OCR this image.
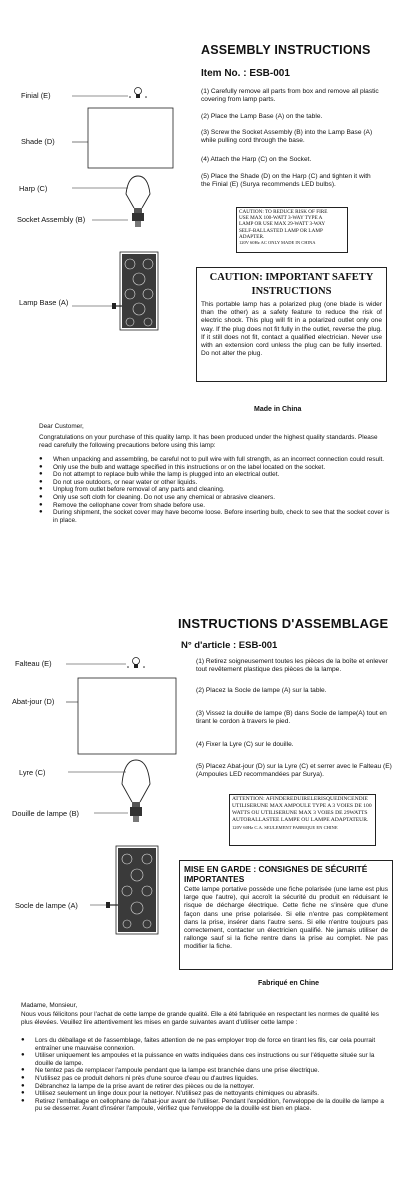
ASSEMBLY INSTRUCTIONS
Item No. : ESB-001
Finial (E)
Shade (D)
Harp (C)
Socket Assembly (B)
Lamp Base (A)
(1) Carefully remove all parts from box and remove all plastic covering from lamp parts.
(2) Place the Lamp Base (A) on the table.
(3) Screw the Socket Assembly (B) into the Lamp Base (A) while pulling cord through the base.
(4) Attach the Harp (C) on the Socket.
(5) Place the Shade (D) on the Harp (C) and tighten it with the Finial (E) (Surya recommends LED bulbs).
CAUTION: TO REDUCE RISK OF FIRE
USE MAX 100-WATT 3-WAY TYPE A
LAMP OR USE MAX 29-WATT 3-WAY
SELF-BALLASTED LAMP OR LAMP ADAPTER.
120V 60Hz AC ONLY MADE IN CHINA
CAUTION: IMPORTANT SAFETY INSTRUCTIONS
This portable lamp has a polarized plug (one blade is wider than the other) as a safety feature to reduce the risk of electric shock. This plug will fit in a polarized outlet only one way. If the plug does not fit fully in the outlet, reverse the plug. If it still does not fit, contact a qualified electrician. Never use with an extension cord unless the plug can be fully inserted. Do not alter the plug.
Made in China
Dear Customer,
Congratulations on your purchase of this quality lamp. It has been produced under the highest quality standards. Please read carefully the following precautions before using this lamp:
● When unpacking and assembling, be careful not to pull wire with full strength, as an incorrect connection could result.
● Only use the bulb and wattage specified in this instructions or on the label located on the socket.
● Do not attempt to replace bulb while the lamp is plugged into an electrical outlet.
● Do not use outdoors, or near water or other liquids.
● Unplug from outlet before removal of any parts and cleaning.
● Only use soft cloth for cleaning. Do not use any chemical or abrasive cleaners.
● Remove the cellophane cover from shade before use.
● During shipment, the socket cover may have become loose. Before inserting bulb, check to see that the socket cover is in place.
INSTRUCTIONS D'ASSEMBLAGE
N° d'article : ESB-001
Falteau (E)
Abat-jour (D)
Lyre (C)
Douille de lampe (B)
Socle de lampe (A)
(1) Retirez soigneusement toutes les pièces de la boîte et enlever tout revêtement plastique des pièces de la lampe.
(2) Placez la Socle de lampe (A) sur la table.
(3) Vissez la douille de lampe (B) dans Socle de lampe(A) tout en tirant le cordon à travers le pied.
(4) Fixer la Lyre (C) sur le douille.
(5) Placez Abat-jour (D) sur la Lyre (C) et serrer avec le Falteau (E) (Ampoules LED recommandées par Surya).
ATTENTION: AFINDEREDUIRELERISQUEDINCENDIE
UTILISERUNE MAX AMPOULE TYPE A 3 VOIES DE 100
WATTS OU UTILISERUNE MAX 3 VOIES DE 29WATTS
AUTOBALLASTEE LAMPE OU LAMPE ADAPTATEUR.
120V 60Hz C.A. SEULEMENT FABRIQUE EN CHINE
MISE EN GARDE : CONSIGNES DE SÉCURITÉ IMPORTANTES
Cette lampe portative possède une fiche polarisée (une lame est plus large que l'autre), qui accroît la sécurité du produit en réduisant le risque de décharge électrique. Cette fiche ne s'insère que d'une façon dans une prise polarisée. Si elle n'entre pas complètement dans la prise, insérer dans l'autre sens. Si elle n'entre toujours pas correctement, contacter un électricien qualifié. Ne jamais utiliser de rallonge sauf si la fiche rentre dans la prise au complet. Ne pas modifier la fiche.
Fabriqué en Chine
Madame, Monsieur,
Nous vous félicitons pour l'achat de cette lampe de grande qualité. Elle a été fabriquée en respectant les normes de qualité les plus élevées. Veuillez lire attentivement les mises en garde suivantes avant d'utiliser cette lampe :
● Lors du déballage et de l'assemblage, faites attention de ne pas employer trop de force en tirant les fils, car cela pourrait entraîner une mauvaise connexion.
● Utiliser uniquement les ampoules et la puissance en watts indiquées dans ces instructions ou sur l'étiquette située sur la douille de lampe.
● Ne tentez pas de remplacer l'ampoule pendant que la lampe est branchée dans une prise électrique.
● N'utilisez pas ce produit dehors ni près d'une source d'eau ou d'autres liquides.
● Débranchez la lampe de la prise avant de retirer des pièces ou de la nettoyer.
● Utilisez seulement un linge doux pour la nettoyer. N'utilisez pas de nettoyants chimiques ou abrasifs.
● Retirez l'emballage en cellophane de l'abat-jour avant de l'utiliser. Pendant l'expédition, l'enveloppe de la douille de lampe a pu se desserrer. Avant d'insérer l'ampoule, vérifiez que l'enveloppe de la douille est bien en place.
